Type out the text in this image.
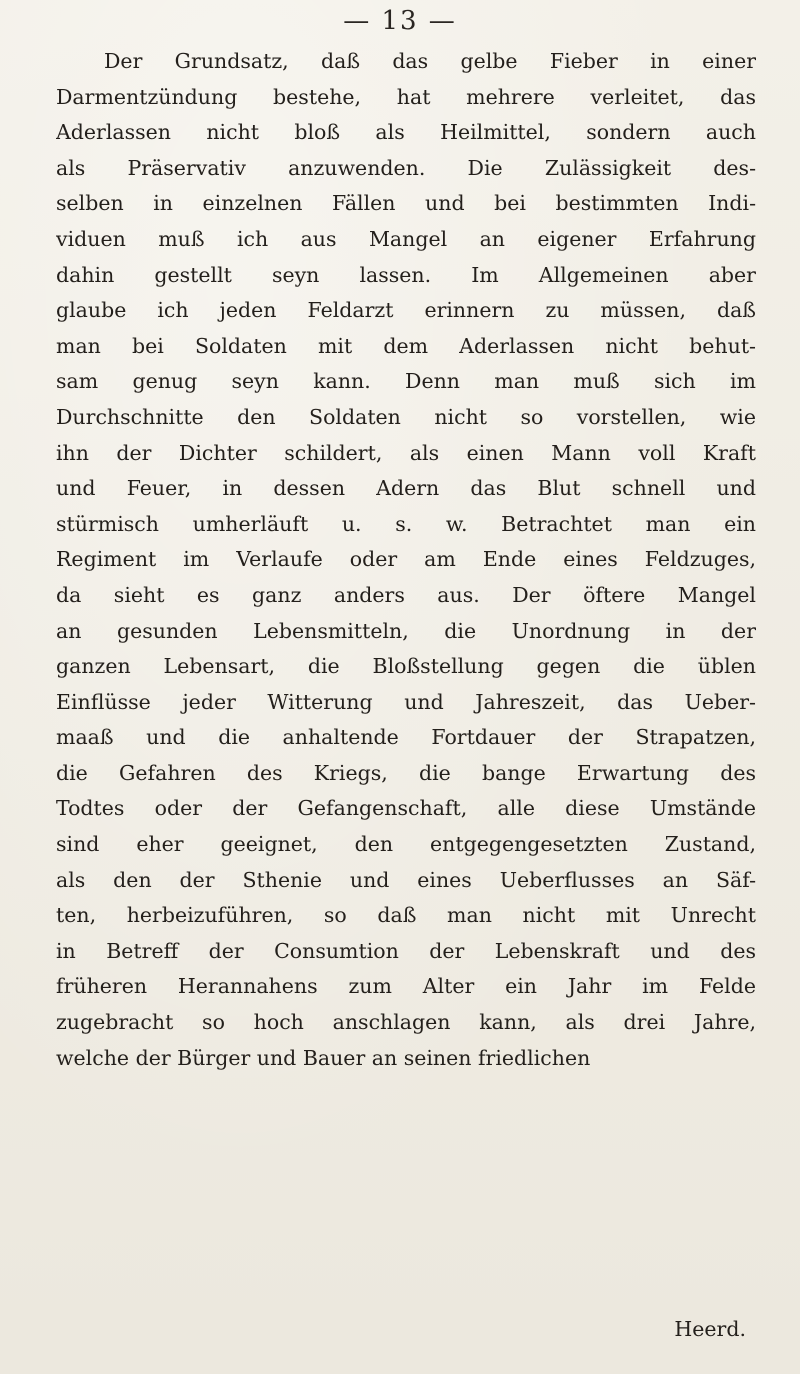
— 13 —
Der Grundsatz, daß das gelbe Fieber in einer
Darmentzündung bestehe, hat mehrere verleitet, das
Aderlassen nicht bloß als Heilmittel, sondern auch
als Präservativ anzuwenden. Die Zulässigkeit des-
selben in einzelnen Fällen und bei bestimmten Indi-
viduen muß ich aus Mangel an eigener Erfahrung
dahin gestellt seyn lassen. Im Allgemeinen aber
glaube ich jeden Feldarzt erinnern zu müssen, daß
man bei Soldaten mit dem Aderlassen nicht behut-
sam genug seyn kann. Denn man muß sich im
Durchschnitte den Soldaten nicht so vorstellen, wie
ihn der Dichter schildert, als einen Mann voll Kraft
und Feuer, in dessen Adern das Blut schnell und
stürmisch umherläuft u. s. w. Betrachtet man ein
Regiment im Verlaufe oder am Ende eines Feldzuges,
da sieht es ganz anders aus. Der öftere Mangel
an gesunden Lebensmitteln, die Unordnung in der
ganzen Lebensart, die Bloßstellung gegen die üblen
Einflüsse jeder Witterung und Jahreszeit, das Ueber-
maaß und die anhaltende Fortdauer der Strapatzen,
die Gefahren des Kriegs, die bange Erwartung des
Todtes oder der Gefangenschaft, alle diese Umstände
sind eher geeignet, den entgegengesetzten Zustand,
als den der Sthenie und eines Ueberflusses an Säf-
ten, herbeizuführen, so daß man nicht mit Unrecht
in Betreff der Consumtion der Lebenskraft und des
früheren Herannahens zum Alter ein Jahr im Felde
zugebracht so hoch anschlagen kann, als drei Jahre,
welche der Bürger und Bauer an seinen friedlichen
Heerd.
